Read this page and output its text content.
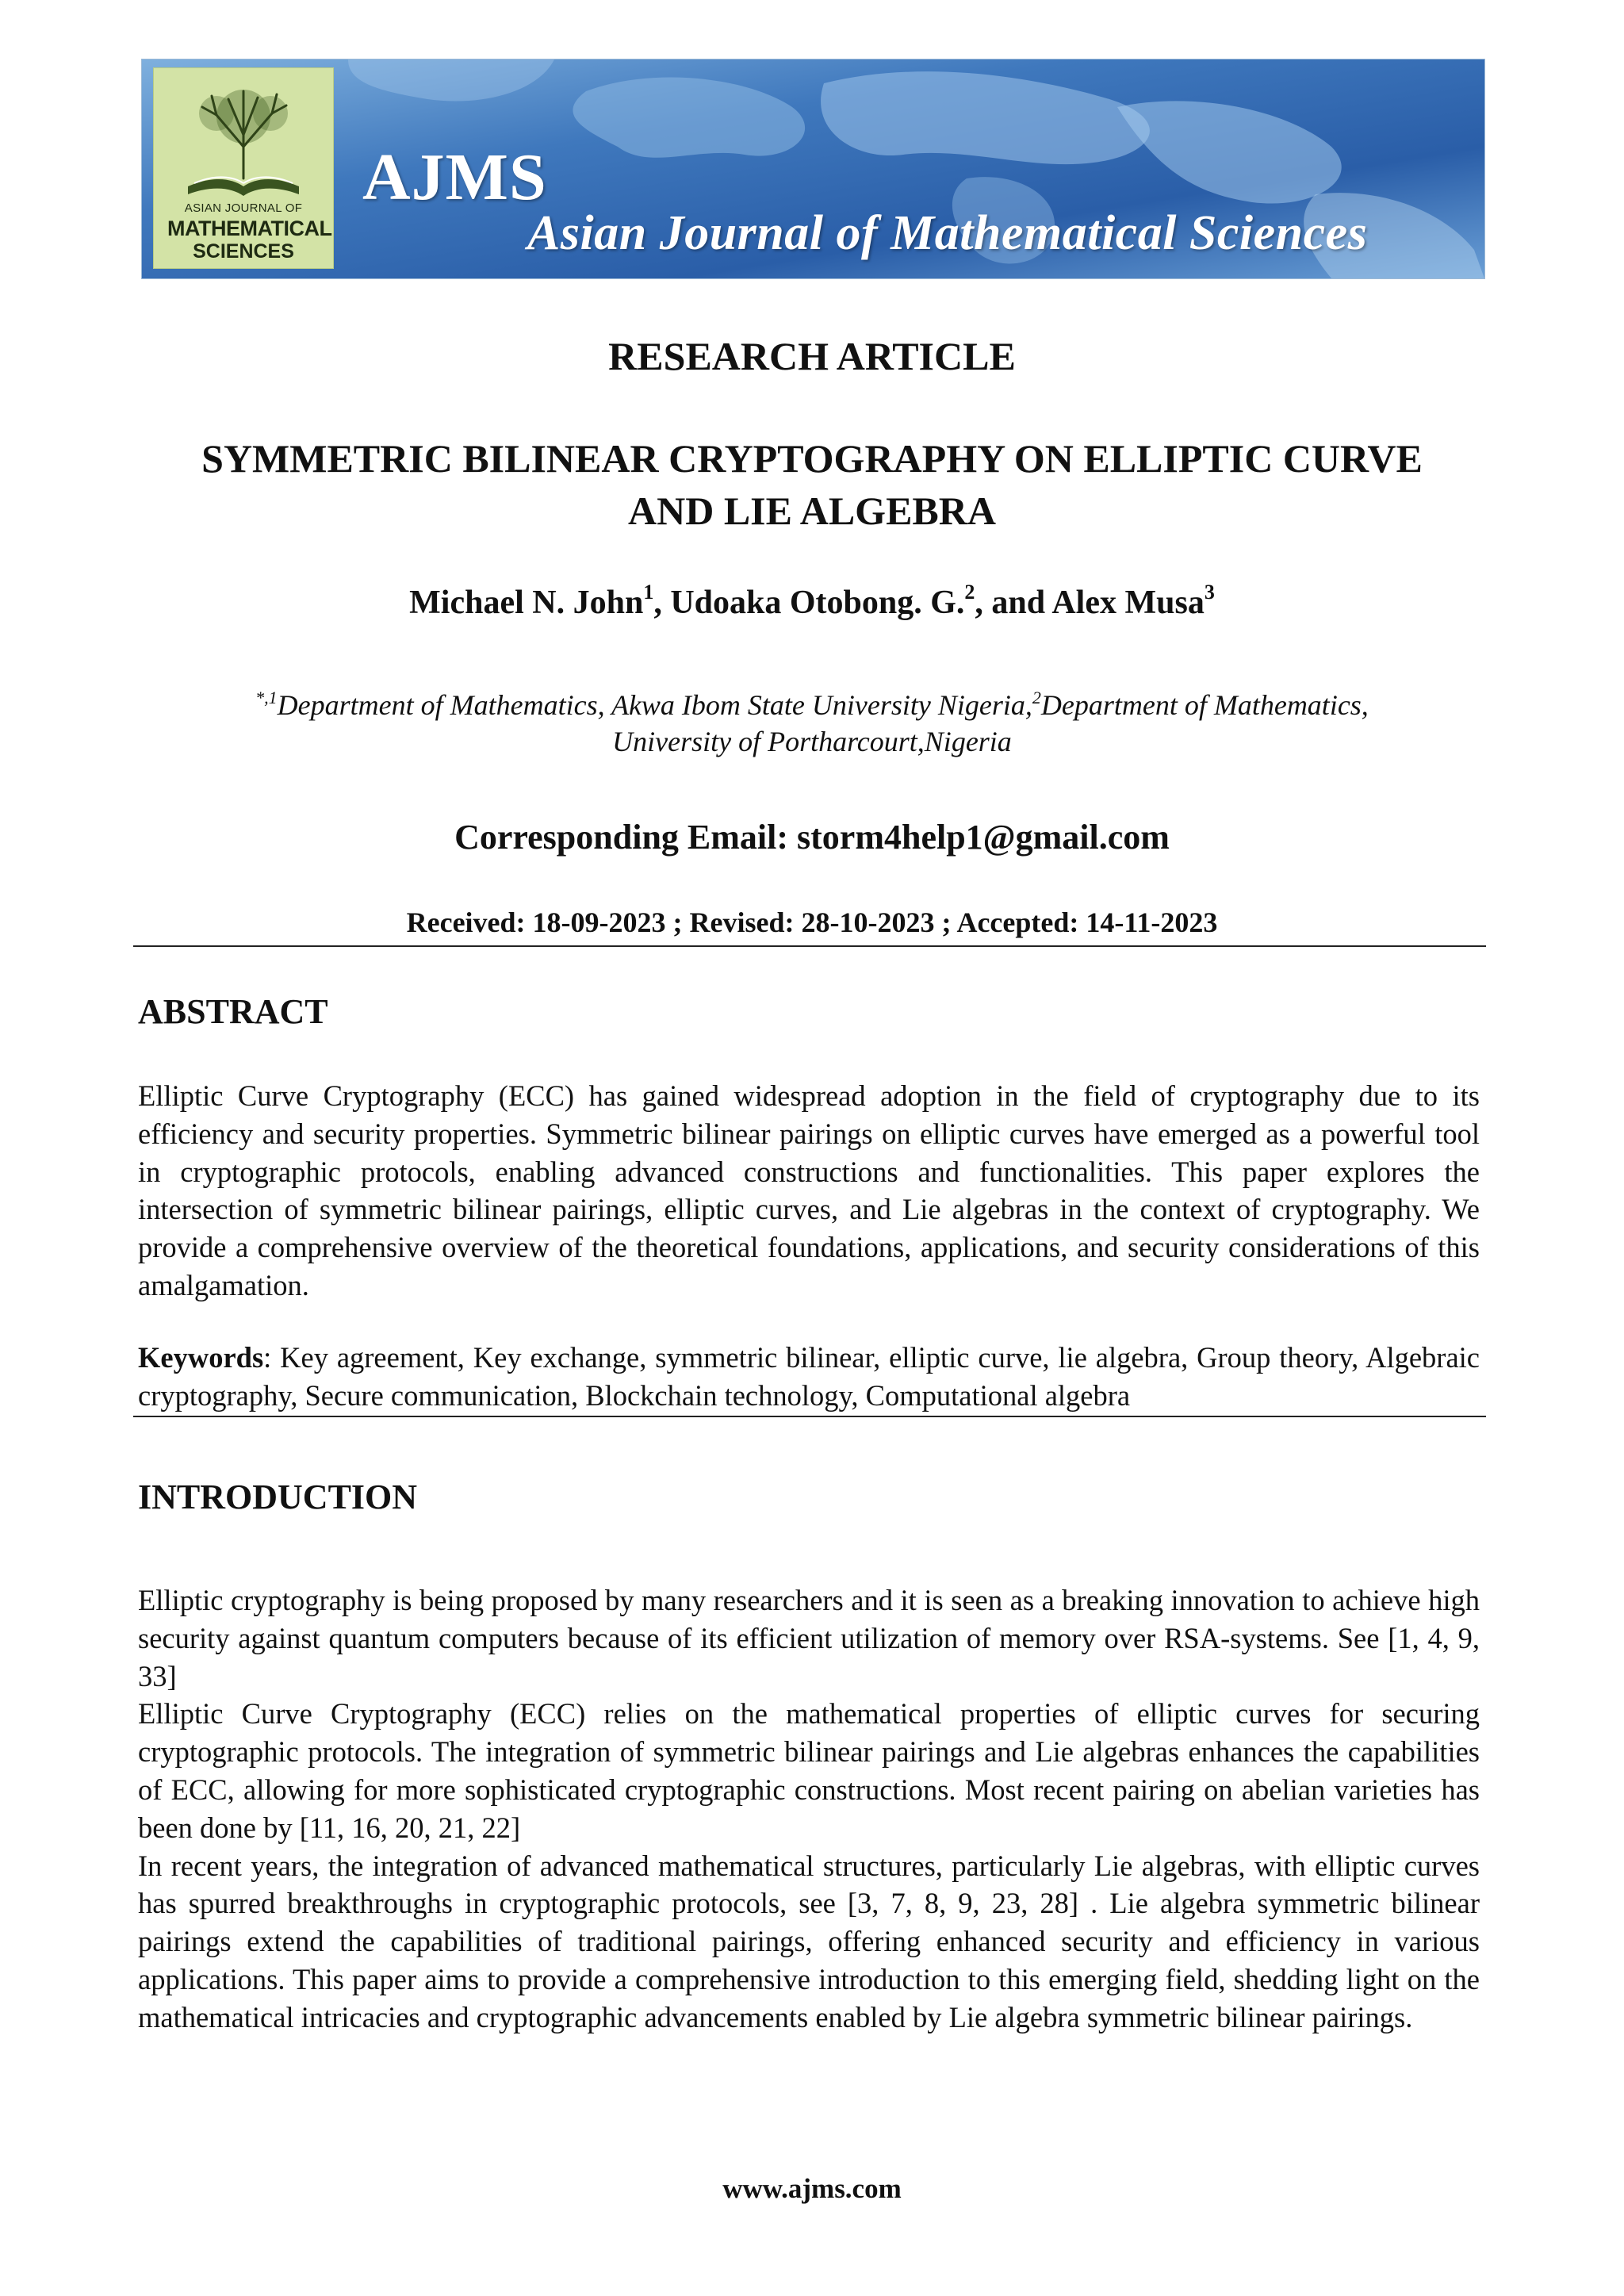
ASIAN JOURNAL OF
MATHEMATICAL
SCIENCES
AJMS
Asian Journal of Mathematical Sciences
RESEARCH ARTICLE
SYMMETRIC BILINEAR CRYPTOGRAPHY ON ELLIPTIC CURVE
AND LIE ALGEBRA
Michael N. John$^1$, Udoaka Otobong. G.$^2$, and Alex Musa$^3$
$^{*,1}$Department of Mathematics, Akwa Ibom State University Nigeria,$^2$Department of Mathematics,
University of Portharcourt,Nigeria
Corresponding Email: storm4help1@gmail.com
Received: 18-09-2023 ; Revised: 28-10-2023 ; Accepted: 14-11-2023
ABSTRACT
Elliptic Curve Cryptography (ECC) has gained widespread adoption in the field of cryptography due to its efficiency and security properties. Symmetric bilinear pairings on elliptic curves have emerged as a powerful tool in cryptographic protocols, enabling advanced constructions and functionalities. This paper explores the intersection of symmetric bilinear pairings, elliptic curves, and Lie algebras in the context of cryptography. We provide a comprehensive overview of the theoretical foundations, applications, and security considerations of this amalgamation.
Keywords: Key agreement, Key exchange, symmetric bilinear, elliptic curve, lie algebra, Group theory, Algebraic cryptography, Secure communication, Blockchain technology, Computational algebra
INTRODUCTION

Elliptic cryptography is being proposed by many researchers and it is seen as a breaking innovation to achieve high security against quantum computers because of its efficient utilization of memory over RSA-systems. See [1, 4, 9, 33]

Elliptic Curve Cryptography (ECC) relies on the mathematical properties of elliptic curves for securing cryptographic protocols. The integration of symmetric bilinear pairings and Lie algebras enhances the capabilities of ECC, allowing for more sophisticated cryptographic constructions. Most recent pairing on abelian varieties has been done by [11, 16, 20, 21, 22]

In recent years, the integration of advanced mathematical structures, particularly Lie algebras, with elliptic curves has spurred breakthroughs in cryptographic protocols, see [3, 7, 8, 9, 23, 28] . Lie algebra symmetric bilinear pairings extend the capabilities of traditional pairings, offering enhanced security and efficiency in various applications. This paper aims to provide a comprehensive introduction to this emerging field, shedding light on the mathematical intricacies and cryptographic advancements enabled by Lie algebra symmetric bilinear pairings.

www.ajms.com
